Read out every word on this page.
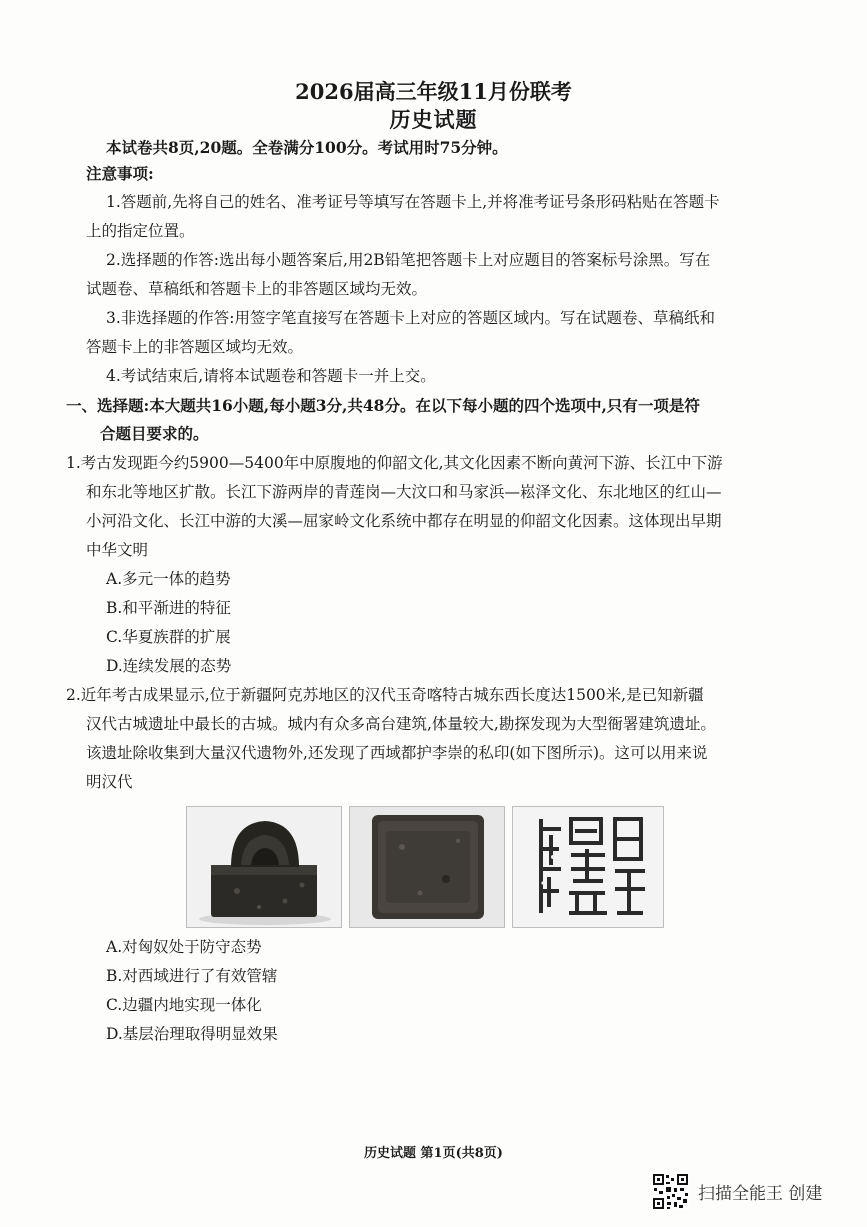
2026届高三年级11月份联考
历史试题
本试卷共8页,20题。全卷满分100分。考试用时75分钟。
注意事项:
1.答题前,先将自己的姓名、准考证号等填写在答题卡上,并将准考证号条形码粘贴在答题卡
上的指定位置。
2.选择题的作答:选出每小题答案后,用2B铅笔把答题卡上对应题目的答案标号涂黑。写在
试题卷、草稿纸和答题卡上的非答题区域均无效。
3.非选择题的作答:用签字笔直接写在答题卡上对应的答题区域内。写在试题卷、草稿纸和
答题卡上的非答题区域均无效。
4.考试结束后,请将本试题卷和答题卡一并上交。
一、选择题:本大题共16小题,每小题3分,共48分。在以下每小题的四个选项中,只有一项是符
合题目要求的。
1.考古发现距今约5900—5400年中原腹地的仰韶文化,其文化因素不断向黄河下游、长江中下游
和东北等地区扩散。长江下游两岸的青莲岗—大汶口和马家浜—崧泽文化、东北地区的红山—
小河沿文化、长江中游的大溪—屈家岭文化系统中都存在明显的仰韶文化因素。这体现出早期
中华文明
A.多元一体的趋势
B.和平渐进的特征
C.华夏族群的扩展
D.连续发展的态势
2.近年考古成果显示,位于新疆阿克苏地区的汉代玉奇喀特古城东西长度达1500米,是已知新疆
汉代古城遗址中最长的古城。城内有众多高台建筑,体量较大,勘探发现为大型衙署建筑遗址。
该遗址除收集到大量汉代遗物外,还发现了西域都护李崇的私印(如下图所示)。这可以用来说
明汉代
A.对匈奴处于防守态势
B.对西域进行了有效管辖
C.边疆内地实现一体化
D.基层治理取得明显效果
历史试题 第1页(共8页)
扫描全能王 创建
